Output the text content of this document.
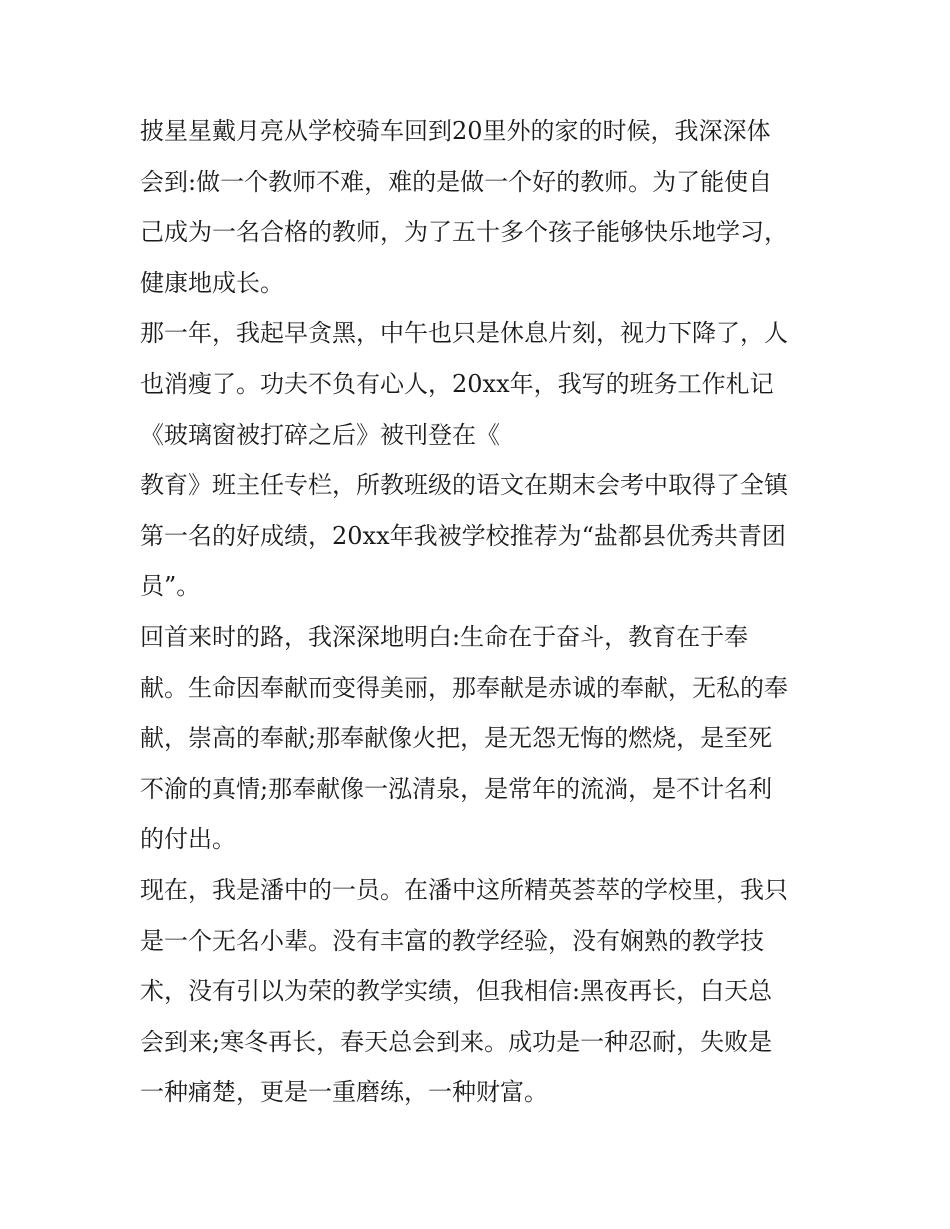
披星星戴月亮从学校骑车回到20里外的家的时候，我深深体
会到:做一个教师不难，难的是做一个好的教师。为了能使自
己成为一名合格的教师，为了五十多个孩子能够快乐地学习，
健康地成长。
那一年，我起早贪黑，中午也只是休息片刻，视力下降了，人
也消瘦了。功夫不负有心人，20xx年，我写的班务工作札记
《玻璃窗被打碎之后》被刊登在《
教育》班主任专栏，所教班级的语文在期末会考中取得了全镇
第一名的好成绩，20xx年我被学校推荐为“盐都县优秀共青团
员”。
回首来时的路，我深深地明白:生命在于奋斗，教育在于奉
献。生命因奉献而变得美丽，那奉献是赤诚的奉献，无私的奉
献，崇高的奉献;那奉献像火把，是无怨无悔的燃烧，是至死
不渝的真情;那奉献像一泓清泉，是常年的流淌，是不计名利
的付出。
现在，我是潘中的一员。在潘中这所精英荟萃的学校里，我只
是一个无名小辈。没有丰富的教学经验，没有娴熟的教学技
术，没有引以为荣的教学实绩，但我相信:黑夜再长，白天总
会到来;寒冬再长，春天总会到来。成功是一种忍耐，失败是
一种痛楚，更是一重磨练，一种财富。
